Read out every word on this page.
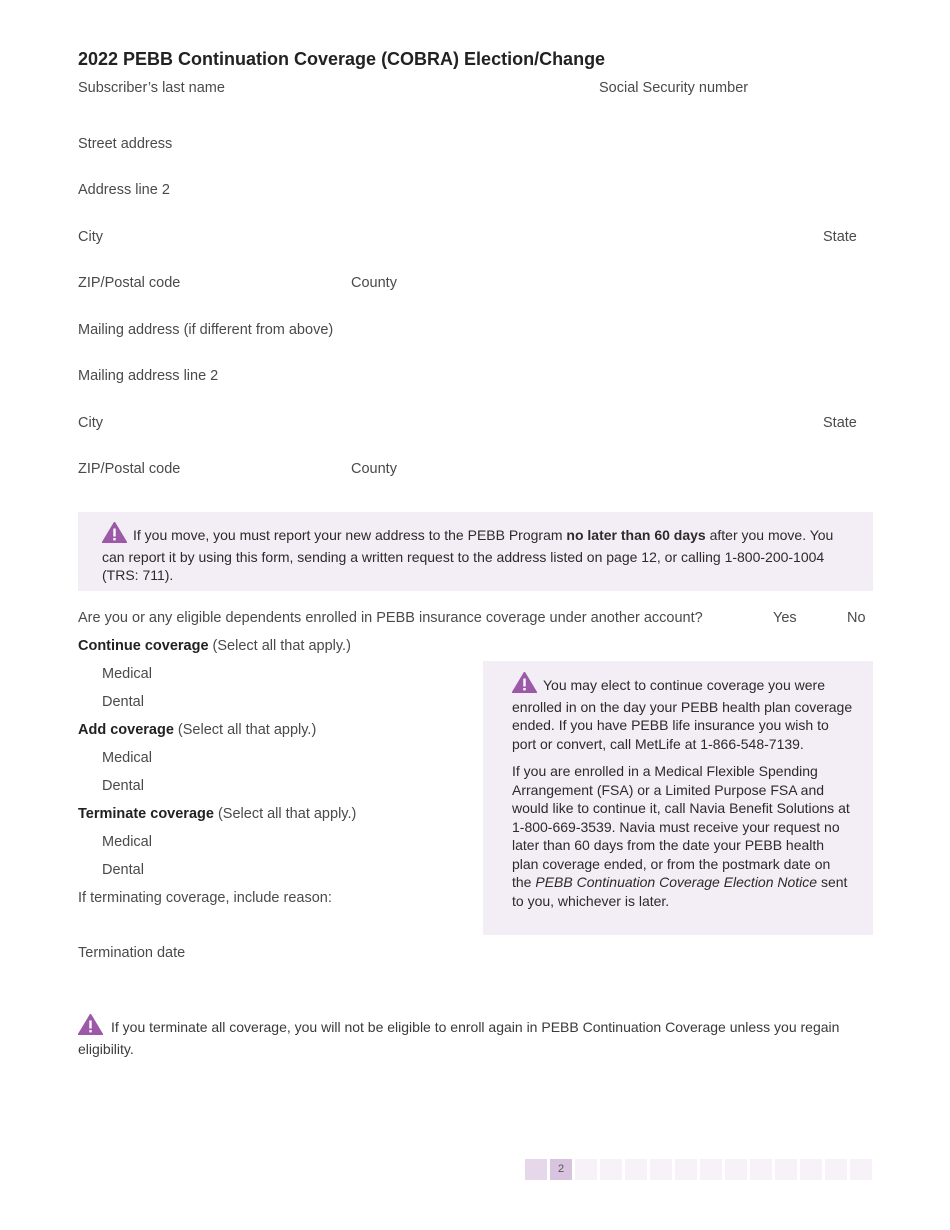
2022 PEBB Continuation Coverage (COBRA) Election/Change
Subscriber’s last name	Social Security number
Street address
Address line 2
City	State
ZIP/Postal code	County
Mailing address (if different from above)
Mailing address line 2
City	State
ZIP/Postal code	County
If you move, you must report your new address to the PEBB Program no later than 60 days after you move. You can report it by using this form, sending a written request to the address listed on page 12, or calling 1-800-200-1004 (TRS: 711).
Are you or any eligible dependents enrolled in PEBB insurance coverage under another account?	Yes	No
Continue coverage (Select all that apply.)
Medical
Dental
Add coverage (Select all that apply.)
Medical
Dental
Terminate coverage (Select all that apply.)
Medical
Dental
If terminating coverage, include reason:
Termination date

You may elect to continue coverage you were enrolled in on the day your PEBB health plan coverage ended. If you have PEBB life insurance you wish to port or convert, call MetLife at 1-866-548-7139.

If you are enrolled in a Medical Flexible Spending Arrangement (FSA) or a Limited Purpose FSA and would like to continue it, call Navia Benefit Solutions at 1-800-669-3539. Navia must receive your request no later than 60 days from the date your PEBB health plan coverage ended, or from the postmark date on the PEBB Continuation Coverage Election Notice sent to you, whichever is later.

If you terminate all coverage, you will not be eligible to enroll again in PEBB Continuation Coverage unless you regain eligibility.
2
